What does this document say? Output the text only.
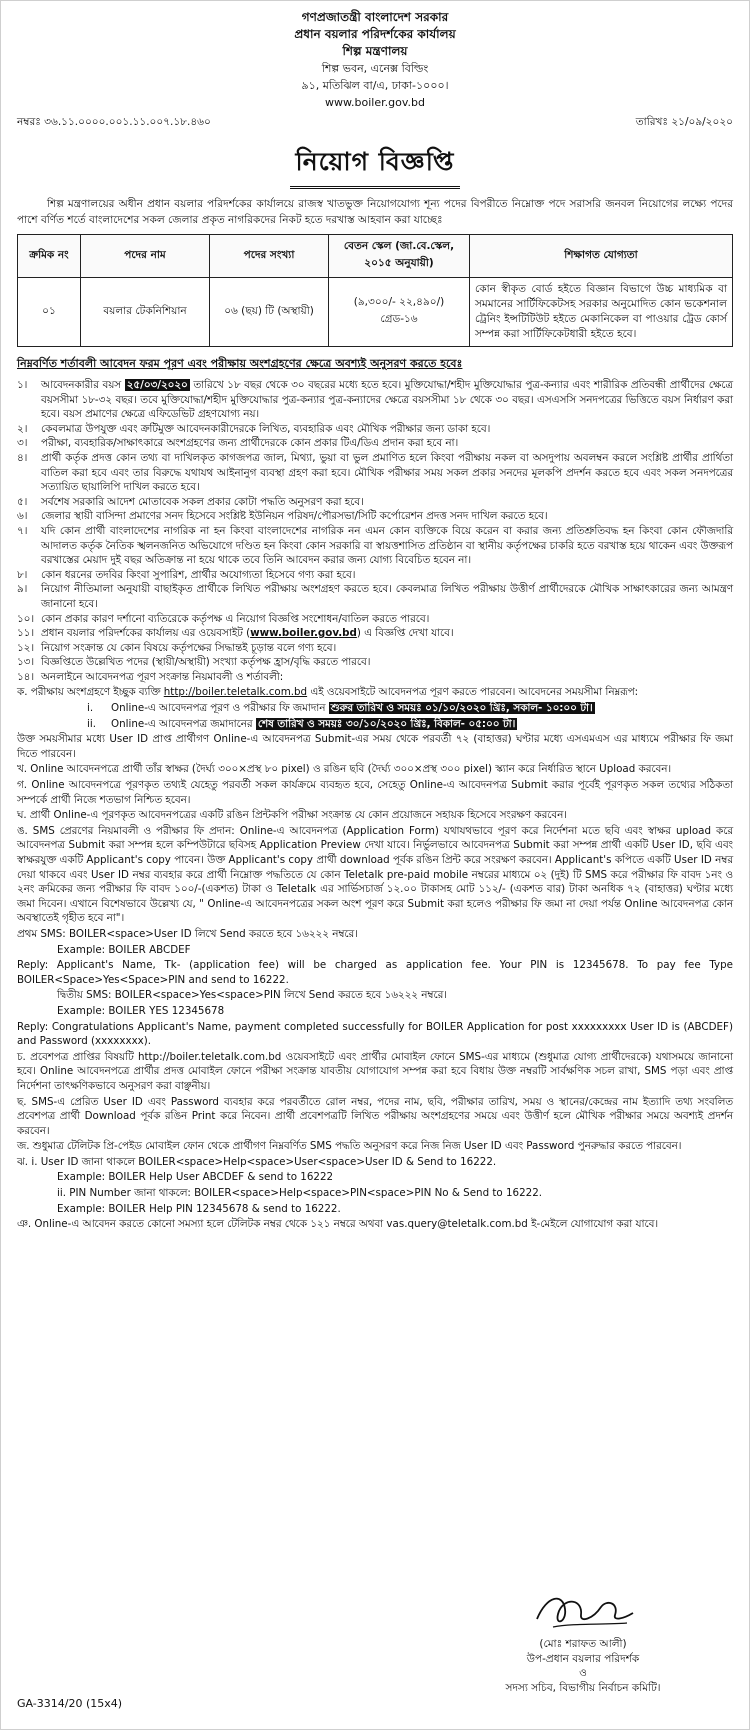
গণপ্রজাতন্ত্রী বাংলাদেশ সরকার
প্রধান বয়লার পরিদর্শকের কার্যালয়
শিল্প মন্ত্রণালয়
শিল্প ভবন, এনেক্স বিল্ডিং
৯১, মতিঝিল বা/এ, ঢাকা-১০০০।
www.boiler.gov.bd
নম্বরঃ ৩৬.১১.০০০০.০০১.১১.০০৭.১৮.৪৬০	তারিখঃ ২১/০৯/২০২০
নিয়োগ বিজ্ঞপ্তি
শিল্প মন্ত্রণালয়ের অধীন প্রধান বয়লার পরিদর্শকের কার্যালয়ে রাজস্ব খাতভুক্ত নিয়োগযোগ্য শূন্য পদের বিপরীতে নিম্নোক্ত পদে সরাসরি জনবল নিয়োগের লক্ষ্যে পদের পাশে বর্ণিত শর্তে বাংলাদেশের সকল জেলার প্রকৃত নাগরিকদের নিকট হতে দরখাস্ত আহবান করা যাচ্ছেঃ
ক্রমিক নং	পদের নাম	পদের সংখ্যা	বেতন স্কেল (জা.বে.স্কেল, ২০১৫ অনুযায়ী)	শিক্ষাগত যোগ্যতা
০১	বয়লার টেকনিশিয়ান	০৬ (ছয়) টি (অস্থায়ী)	(৯,৩০০/- ২২,৪৯০/) গ্রেড-১৬	কোন স্বীকৃত বোর্ড হইতে বিজ্ঞান বিভাগে উচ্চ মাধ্যমিক বা সমমানের সার্টিফিকেটসহ সরকার অনুমোদিত কোন ভকেশনাল ট্রেনিং ইন্সটিটিউট হইতে মেকানিকেল বা পাওয়ার ট্রেড কোর্স সম্পন্ন করা সার্টিফিকেটধারী হইতে হবে।
নিম্নবর্ণিত শর্তাবলী আবেদন ফরম পূরণ এবং পরীক্ষায় অংশগ্রহণের ক্ষেত্রে অবশ্যই অনুসরণ করতে হবেঃ
১।	আবেদনকারীর বয়স ২৫/০৩/২০২০ তারিখে ১৮ বছর থেকে ৩০ বছরের মধ্যে হতে হবে। মুক্তিযোদ্ধা/শহীদ মুক্তিযোদ্ধার পুত্র-কন্যার এবং শারীরিক প্রতিবন্ধী প্রার্থীদের ক্ষেত্রে বয়সসীমা ১৮-৩২ বছর। তবে মুক্তিযোদ্ধা/শহীদ মুক্তিযোদ্ধার পুত্র-কন্যার পুত্র-কন্যাদের ক্ষেত্রে বয়সসীমা ১৮ থেকে ৩০ বছর। এসএসসি সনদপত্রের ভিত্তিতে বয়স নির্ধারণ করা হবে। বয়স প্রমাণের ক্ষেত্রে এফিডেভিট গ্রহণযোগ্য নয়।
২।	কেবলমাত্র উপযুক্ত এবং ক্রটিমুক্ত আবেদনকারীদেরকে লিখিত, ব্যবহারিক এবং মৌখিক পরীক্ষার জন্য ডাকা হবে।
৩।	পরীক্ষা, ব্যবহারিক/সাক্ষাৎকারে অংশগ্রহণের জন্য প্রার্থীদেরকে কোন প্রকার টিএ/ডিএ প্রদান করা হবে না।
৪।	প্রার্থী কর্তৃক প্রদত্ত কোন তথ্য বা দাখিলকৃত কাগজপত্র জাল, মিথ্যা, ভুয়া বা ভুল প্রমাণিত হলে কিংবা পরীক্ষায় নকল বা অসদুপায় অবলম্বন করলে সংশ্লিষ্ট প্রার্থীর প্রার্থিতা বাতিল করা হবে এবং তার বিরুদ্ধে যথাযথ আইনানুগ ব্যবস্থা গ্রহণ করা হবে। মৌখিক পরীক্ষার সময় সকল প্রকার সনদের মূলকপি প্রদর্শন করতে হবে এবং সকল সনদপত্রের সত্যায়িত ছায়ালিপি দাখিল করতে হবে।
৫।	সর্বশেষ সরকারি আদেশ মোতাবেক সকল প্রকার কোটা পদ্ধতি অনুসরণ করা হবে।
৬।	জেলার স্থায়ী বাসিন্দা প্রমাণের সনদ হিসেবে সংশ্লিষ্ট ইউনিয়ন পরিষদ/পৌরসভা/সিটি কর্পোরেশন প্রদত্ত সনদ দাখিল করতে হবে।
৭।	যদি কোন প্রার্থী বাংলাদেশের নাগরিক না হন কিংবা বাংলাদেশের নাগরিক নন এমন কোন ব্যক্তিকে বিয়ে করেন বা করার জন্য প্রতিশ্রুতিবদ্ধ হন কিংবা কোন ফৌজদারি আদালত কর্তৃক নৈতিক স্খলনজনিত অভিযোগে দণ্ডিত হন কিংবা কোন সরকারি বা স্বায়ত্তশাসিত প্রতিষ্ঠান বা স্থানীয় কর্তৃপক্ষের চাকরি হতে বরখাস্ত হয়ে থাকেন এবং উক্তরূপ বরখাস্তের মেয়াদ দুই বছর অতিক্রান্ত না হয়ে থাকে তবে তিনি আবেদন করার জন্য যোগ্য বিবেচিত হবেন না।
৮।	কোন ধরনের তদবির কিংবা সুপারিশ, প্রার্থীর অযোগ্যতা হিসেবে গণ্য করা হবে।
৯।	নিয়োগ নীতিমালা অনুযায়ী বাছাইকৃত প্রার্থীকে লিখিত পরীক্ষায় অংশগ্রহণ করতে হবে। কেবলমাত্র লিখিত পরীক্ষায় উত্তীর্ণ প্রার্থীদেরকে মৌখিক সাক্ষাৎকারের জন্য আমন্ত্রণ জানানো হবে।
১০। কোন প্রকার কারণ দর্শানো ব্যতিরেকে কর্তৃপক্ষ এ নিয়োগ বিজ্ঞপ্তি সংশোধন/বাতিল করতে পারবে।
১১। প্রধান বয়লার পরিদর্শকের কার্যালয় এর ওয়েবসাইট (www.boiler.gov.bd) এ বিজ্ঞপ্তি দেখা যাবে।
১২। নিয়োগ সংক্রান্ত যে কোন বিষয়ে কর্তৃপক্ষের সিদ্ধান্তই চূড়ান্ত বলে গণ্য হবে।
১৩। বিজ্ঞপ্তিতে উল্লেখিত পদের (স্থায়ী/অস্থায়ী) সংখ্যা কর্তৃপক্ষ হ্রাস/বৃদ্ধি করতে পারবে।
১৪। অনলাইনে আবেদনপত্র পূরণ সংক্রান্ত নিয়মাবলী ও শর্তাবলী:
ক. পরীক্ষায় অংশগ্রহণে ইচ্ছুক ব্যক্তি http://boiler.teletalk.com.bd এই ওয়েবসাইটে আবেদনপত্র পূরণ করতে পারবেন। আবেদনের সময়সীমা নিম্নরূপ:
i.	Online-এ আবেদনপত্র পূরণ ও পরীক্ষার ফি জমাদান শুরুর তারিখ ও সময়ঃ ০১/১০/২০২০ খ্রিঃ, সকাল- ১০:০০ টা।
ii.	Online-এ আবেদনপত্র জমাদানের শেষ তারিখ ও সময়ঃ ৩০/১০/২০২০ খ্রিঃ, বিকাল- ০৫:০০ টা।
উক্ত সময়সীমার মধ্যে User ID প্রাপ্ত প্রার্থীগণ Online-এ আবেদনপত্র Submit-এর সময় থেকে পরবর্তী ৭২ (বাহাত্তর) ঘণ্টার মধ্যে এসএমএস এর মাধ্যমে পরীক্ষার ফি জমা দিতে পারবেন।
খ. Online আবেদনপত্রে প্রার্থী তাঁর স্বাক্ষর (দৈর্ঘ্য ৩০০×প্রস্থ ৮০ pixel) ও রঙিন ছবি (দৈর্ঘ্য ৩০০×প্রস্থ ৩০০ pixel) স্ক্যান করে নির্ধারিত স্থানে Upload করবেন।
গ. Online আবেদনপত্রে পূরণকৃত তথ্যই যেহেতু পরবর্তী সকল কার্যক্রমে ব্যবহৃত হবে, সেহেতু Online-এ আবেদনপত্র Submit করার পূর্বেই পূরণকৃত সকল তথ্যের সঠিকতা সম্পর্কে প্রার্থী নিজে শতভাগ নিশ্চিত হবেন।
ঘ. প্রার্থী Online-এ পূরণকৃত আবেদনপত্রের একটি রঙিন প্রিন্টকপি পরীক্ষা সংক্রান্ত যে কোন প্রয়োজনে সহায়ক হিসেবে সংরক্ষণ করবেন।
ঙ. SMS প্রেরণের নিয়মাবলী ও পরীক্ষার ফি প্রদান: Online-এ আবেদনপত্র (Application Form) যথাযথভাবে পূরণ করে নির্দেশনা মতে ছবি এবং স্বাক্ষর upload করে আবেদনপত্র Submit করা সম্পন্ন হলে কম্পিউটারে ছবিসহ Application Preview দেখা যাবে। নির্ভুলভাবে আবেদনপত্র Submit করা সম্পন্ন প্রার্থী একটি User ID, ছবি এবং স্বাক্ষরযুক্ত একটি Applicant's copy পাবেন। উক্ত Applicant's copy প্রার্থী download পূর্বক রঙিন প্রিন্ট করে সংরক্ষণ করবেন। Applicant's কপিতে একটি User ID নম্বর দেয়া থাকবে এবং User ID নম্বর ব্যবহার করে প্রার্থী নিম্নোক্ত পদ্ধতিতে যে কোন Teletalk pre-paid mobile নম্বরের মাধ্যমে ০২ (দুই) টি SMS করে পরীক্ষার ফি বাবদ ১নং ও ২নং ক্রমিকের জন্য পরীক্ষার ফি বাবদ ১০০/-(একশত) টাকা ও Teletalk এর সার্ভিসচার্জ ১২.০০ টাকাসহ মোট ১১২/- (একশত বার) টাকা অনধিক ৭২ (বাহাত্তর) ঘণ্টার মধ্যে জমা দিবেন। এখানে বিশেষভাবে উল্লেখ্য যে, " Online-এ আবেদনপত্রের সকল অংশ পূরণ করে Submit করা হলেও পরীক্ষার ফি জমা না দেয়া পর্যন্ত Online আবেদনপত্র কোন অবস্থাতেই গৃহীত হবে না"।
প্রথম SMS: BOILER<space>User ID লিখে Send করতে হবে ১৬২২২ নম্বরে।
Example: BOILER ABCDEF
Reply: Applicant's Name, Tk- (application fee) will be charged as application fee. Your PIN is 12345678. To pay fee Type BOILER<Space>Yes<Space>PIN and send to 16222.
দ্বিতীয় SMS: BOILER<space>Yes<space>PIN লিখে Send করতে হবে ১৬২২২ নম্বরে।
Example: BOILER YES 12345678
Reply: Congratulations Applicant's Name, payment completed successfully for BOILER Application for post xxxxxxxxx User ID is (ABCDEF) and Password (xxxxxxxx).
চ. প্রবেশপত্র প্রাপ্তির বিষয়টি http://boiler.teletalk.com.bd ওয়েবসাইটে এবং প্রার্থীর মোবাইল ফোনে SMS-এর মাধ্যমে (শুধুমাত্র যোগ্য প্রার্থীদেরকে) যথাসময়ে জানানো হবে। Online আবেদনপত্রে প্রার্থীর প্রদত্ত মোবাইল ফোনে পরীক্ষা সংক্রান্ত যাবতীয় যোগাযোগ সম্পন্ন করা হবে বিধায় উক্ত নম্বরটি সার্বক্ষণিক সচল রাখা, SMS পড়া এবং প্রাপ্ত নির্দেশনা তাৎক্ষণিকভাবে অনুসরণ করা বাঞ্ছনীয়।
ছ. SMS-এ প্রেরিত User ID এবং Password ব্যবহার করে পরবর্তীতে রোল নম্বর, পদের নাম, ছবি, পরীক্ষার তারিখ, সময় ও স্থানের/কেন্দ্রের নাম ইত্যাদি তথ্য সংবলিত প্রবেশপত্র প্রার্থী Download পূর্বক রঙিন Print করে নিবেন। প্রার্থী প্রবেশপত্রটি লিখিত পরীক্ষায় অংশগ্রহণের সময়ে এবং উত্তীর্ণ হলে মৌখিক পরীক্ষার সময়ে অবশ্যই প্রদর্শন করবেন।
জ. শুধুমাত্র টেলিটক প্রি-পেইড মোবাইল ফোন থেকে প্রার্থীগণ নিম্নবর্ণিত SMS পদ্ধতি অনুসরণ করে নিজ নিজ User ID এবং Password পুনরুদ্ধার করতে পারবেন।
ঝ. i. User ID জানা থাকলে BOILER<space>Help<space>User<space>User ID & Send to 16222.
Example: BOILER Help User ABCDEF & send to 16222
ii. PIN Number জানা থাকলে: BOILER<space>Help<space>PIN<space>PIN No & Send to 16222.
Example: BOILER Help PIN 12345678 & send to 16222.
ঞ. Online-এ আবেদন করতে কোনো সমস্যা হলে টেলিটক নম্বর থেকে ১২১ নম্বরে অথবা vas.query@teletalk.com.bd ই-মেইলে যোগাযোগ করা যাবে।
(মোঃ শরাফত আলী)
উপ-প্রধান বয়লার পরিদর্শক
ও
সদস্য সচিব, বিভাগীয় নির্বাচন কমিটি।
GA-3314/20 (15x4)
